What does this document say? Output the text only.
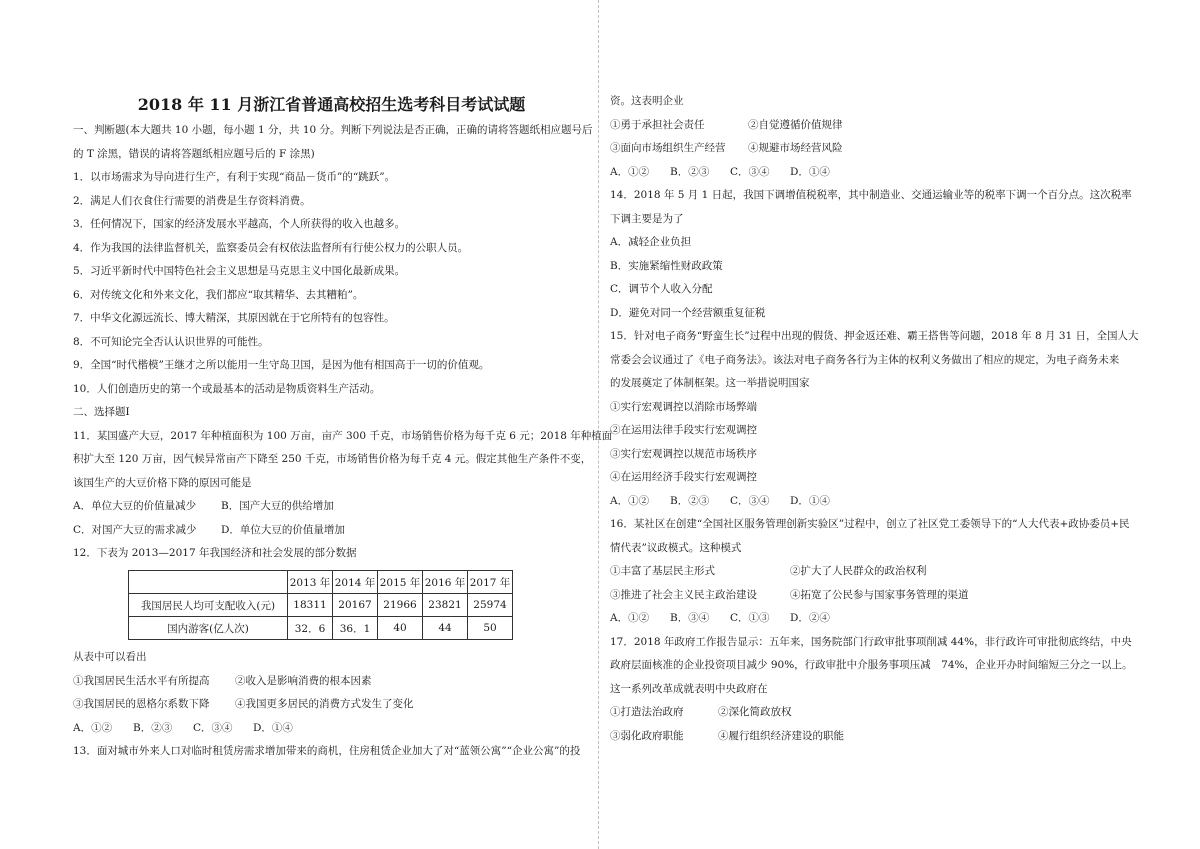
2018 年 11 月浙江省普通高校招生选考科目考试试题
一、判断题(本大题共 10 小题，每小题 1 分，共 10 分。判断下列说法是否正确，正确的请将答题纸相应题号后
的 T 涂黑，错误的请将答题纸相应题号后的 F 涂黑)
1．以市场需求为导向进行生产，有利于实现“商品－货币”的“跳跃”。
2．满足人们衣食住行需要的消费是生存资料消费。
3．任何情况下，国家的经济发展水平越高，个人所获得的收入也越多。
4．作为我国的法律监督机关，监察委员会有权依法监督所有行使公权力的公职人员。
5．习近平新时代中国特色社会主义思想是马克思主义中国化最新成果。
6．对传统文化和外来文化，我们都应“取其精华、去其糟粕”。
7．中华文化源远流长、博大精深，其原因就在于它所特有的包容性。
8．不可知论完全否认认识世界的可能性。
9．全国“时代楷模”王继才之所以能用一生守岛卫国，是因为他有相国高于一切的价值观。
10．人们创造历史的第一个或最基本的活动是物质资料生产活动。
二、选择题Ⅰ
11．某国盛产大豆，2017 年种植面积为 100 万亩，亩产 300 千克，市场销售价格为每千克 6 元；2018 年种植面
积扩大至 120 万亩，因气候异常亩产下降至 250 千克，市场销售价格为每千克 4 元。假定其他生产条件不变，
该国生产的大豆价格下降的原因可能是
A．单位大豆的价值量减少	B．国产大豆的供给增加
C．对国产大豆的需求减少	D．单位大豆的价值量增加
12．下表为 2013—2017 年我国经济和社会发展的部分数据
从表中可以看出
①我国居民生活水平有所提高	②收入是影响消费的根本因素
③我国居民的恩格尔系数下降	④我国更多居民的消费方式发生了变化
A．①②	B．②③	C．③④	D．①④
13．面对城市外来人口对临时租赁房需求增加带来的商机，住房租赁企业加大了对“蓝领公寓”“企业公寓”的投
	2013 年	2014 年	2015 年	2016 年	2017 年
我国居民人均可支配收入(元)	18311	20167	21966	23821	25974
国内游客(亿人次)	32．6	36．1	40	44	50
资。这表明企业
①勇于承担社会责任	②自觉遵循价值规律
③面向市场组织生产经营	④规避市场经营风险
A．①②	B．②③	C．③④	D．①④
14．2018 年 5 月 1 日起，我国下调增值税税率，其中制造业、交通运输业等的税率下调一个百分点。这次税率
下调主要是为了
A．减轻企业负担
B．实施紧缩性财政政策
C．调节个人收入分配
D．避免对同一个经营额重复征税
15．针对电子商务“野蛮生长”过程中出现的假货、押金返还难、霸王搭售等问题，2018 年 8 月 31 日，全国人大
常委会会议通过了《电子商务法》。该法对电子商务各行为主体的权利义务做出了相应的规定，为电子商务未来
的发展奠定了体制框架。这一举措说明国家
①实行宏观调控以消除市场弊端
②在运用法律手段实行宏观调控
③实行宏观调控以规范市场秩序
④在运用经济手段实行宏观调控
A．①②	B．②③	C．③④	D．①④
16．某社区在创建“全国社区服务管理创新实验区”过程中，创立了社区党工委领导下的“人大代表+政协委员+民
情代表”议政模式。这种模式
①丰富了基层民主形式	②扩大了人民群众的政治权利
③推进了社会主义民主政治建设	④拓宽了公民参与国家事务管理的渠道
A．①②	B．③④	C．①③	D．②④
17．2018 年政府工作报告显示：五年来，国务院部门行政审批事项削减 44%，非行政许可审批彻底终结，中央
政府层面核准的企业投资项目减少 90%，行政审批中介服务事项压减　74%，企业开办时间缩短三分之一以上。
这一系列改革成就表明中央政府在
①打造法治政府	②深化简政放权
③弱化政府职能	④履行组织经济建设的职能
